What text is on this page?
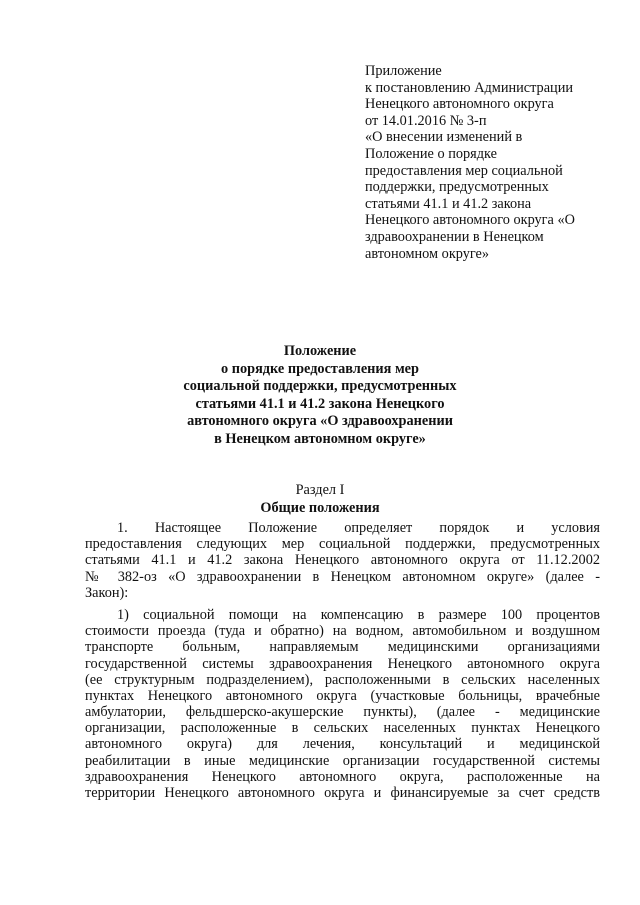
Приложение
к постановлению Администрации
Ненецкого автономного округа
от 14.01.2016 № 3-п
«О внесении изменений в
Положение о порядке
предоставления мер социальной
поддержки, предусмотренных
статьями 41.1 и 41.2 закона
Ненецкого автономного округа «О
здравоохранении в Ненецком
автономном округе»
Положение
о порядке предоставления мер
социальной поддержки, предусмотренных
статьями 41.1 и 41.2 закона Ненецкого
автономного округа «О здравоохранении
в Ненецком автономном округе»
Раздел I
Общие положения
1. Настоящее Положение определяет порядок и условия
предоставления следующих мер социальной поддержки, предусмотренных
статьями 41.1 и 41.2 закона Ненецкого автономного округа от 11.12.2002
№ 382-оз «О здравоохранении в Ненецком автономном округе» (далее -
Закон):
1) социальной помощи на компенсацию в размере 100 процентов
стоимости проезда (туда и обратно) на водном, автомобильном и воздушном
транспорте больным, направляемым медицинскими организациями
государственной системы здравоохранения Ненецкого автономного округа
(ее структурным подразделением), расположенными в сельских населенных
пунктах Ненецкого автономного округа (участковые больницы, врачебные
амбулатории, фельдшерско-акушерские пункты), (далее - медицинские
организации, расположенные в сельских населенных пунктах Ненецкого
автономного округа) для лечения, консультаций и медицинской
реабилитации в иные медицинские организации государственной системы
здравоохранения Ненецкого автономного округа, расположенные на
территории Ненецкого автономного округа и финансируемые за счет средств
